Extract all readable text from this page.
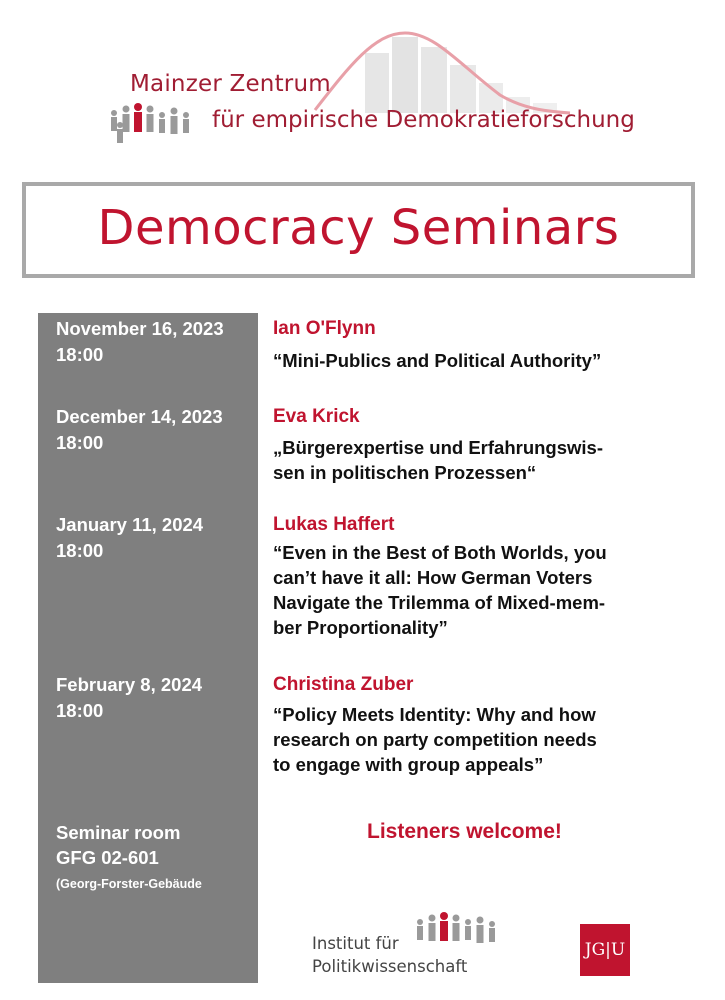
Mainzer Zentrum
für empirische Demokratieforschung
Democracy Seminars
November 16, 2023
18:00
Ian O'Flynn
“Mini-Publics and Political Authority”
December 14, 2023
18:00
Eva Krick
„Bürgerexpertise und Erfahrungswis-
sen in politischen Prozessen“
January 11, 2024
18:00
Lukas Haffert
“Even in the Best of Both Worlds, you
can’t have it all: How German Voters
Navigate the Trilemma of Mixed-mem-
ber Proportionality”
February 8, 2024
18:00
Christina Zuber
“Policy Meets Identity: Why and how
research on party competition needs
to engage with group appeals”
Seminar room
GFG 02-601
(Georg-Forster-Gebäude
Listeners welcome!
Institut für
Politikwissenschaft
JG|U
